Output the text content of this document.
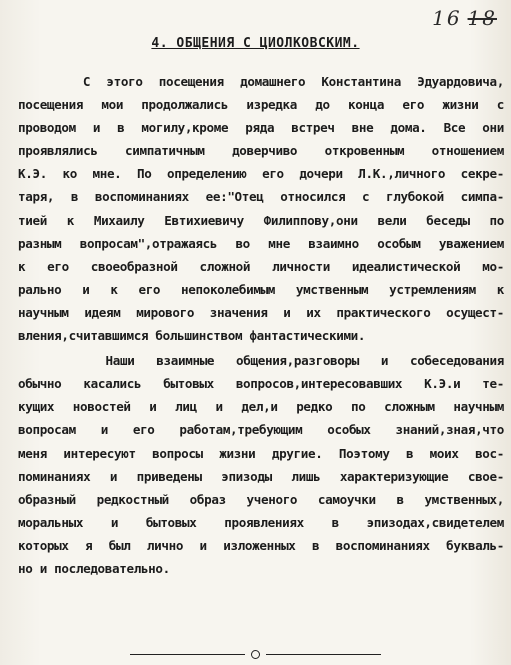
16 18
4. ОБЩЕНИЯ С ЦИОЛКОВСКИМ.
С этого посещения домашнего Константина Эдуардовича,
посещения мои продолжались изредка до конца его жизни с
проводом и в могилу,кроме ряда встреч вне дома. Все они
проявлялись симпатичным доверчиво откровенным отношением
К.Э. ко мне. По определению его дочери Л.К.,личного секре-
таря, в воспоминаниях ее:"Отец относился с глубокой симпа-
тией к Михаилу Евтихиевичу Филиппову,они вели беседы по
разным вопросам",отражаясь во мне взаимно особым уважением
к его своеобразной сложной личности идеалистической мо-
рально и к его непоколебимым умственным устремлениям к
научным идеям мирового значения и их практического осущест-
вления,считавшимся большинством фантастическими.
Наши взаимные общения,разговоры и собеседования
обычно касались бытовых вопросов,интересовавших К.Э.и те-
кущих новостей и лиц и дел,и редко по сложным научным
вопросам и его работам,требующим особых знаний,зная,что
меня интересуют вопросы жизни другие. Поэтому в моих вос-
поминаниях и приведены эпизоды лишь характеризующие свое-
образный редкостный образ ученого самоучки в умственных,
моральных и бытовых проявлениях в эпизодах,свидетелем
которых я был лично и изложенных в воспоминаниях букваль-
но и последовательно.
